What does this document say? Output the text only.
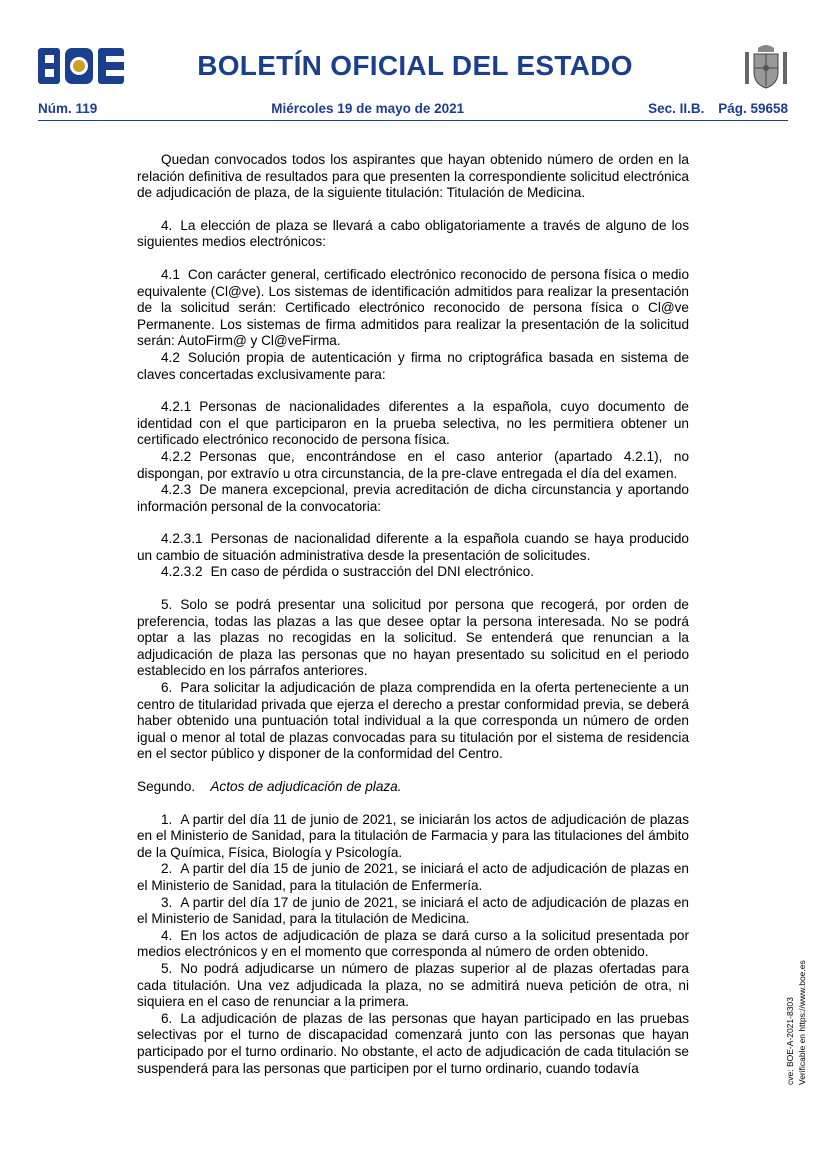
BOLETÍN OFICIAL DEL ESTADO
Núm. 119	Miércoles 19 de mayo de 2021	Sec. II.B. Pág. 59658

Quedan convocados todos los aspirantes que hayan obtenido número de orden en la relación definitiva de resultados para que presenten la correspondiente solicitud electrónica de adjudicación de plaza, de la siguiente titulación: Titulación de Medicina.

4. La elección de plaza se llevará a cabo obligatoriamente a través de alguno de los siguientes medios electrónicos:

4.1 Con carácter general, certificado electrónico reconocido de persona física o medio equivalente (Cl@ve). Los sistemas de identificación admitidos para realizar la presentación de la solicitud serán: Certificado electrónico reconocido de persona física o Cl@ve Permanente. Los sistemas de firma admitidos para realizar la presentación de la solicitud serán: AutoFirm@ y Cl@veFirma.

4.2 Solución propia de autenticación y firma no criptográfica basada en sistema de claves concertadas exclusivamente para:

4.2.1 Personas de nacionalidades diferentes a la española, cuyo documento de identidad con el que participaron en la prueba selectiva, no les permitiera obtener un certificado electrónico reconocido de persona física.

4.2.2 Personas que, encontrándose en el caso anterior (apartado 4.2.1), no dispongan, por extravío u otra circunstancia, de la pre-clave entregada el día del examen.

4.2.3 De manera excepcional, previa acreditación de dicha circunstancia y aportando información personal de la convocatoria:

4.2.3.1 Personas de nacionalidad diferente a la española cuando se haya producido un cambio de situación administrativa desde la presentación de solicitudes.

4.2.3.2 En caso de pérdida o sustracción del DNI electrónico.

5. Solo se podrá presentar una solicitud por persona que recogerá, por orden de preferencia, todas las plazas a las que desee optar la persona interesada. No se podrá optar a las plazas no recogidas en la solicitud. Se entenderá que renuncian a la adjudicación de plaza las personas que no hayan presentado su solicitud en el periodo establecido en los párrafos anteriores.

6. Para solicitar la adjudicación de plaza comprendida en la oferta perteneciente a un centro de titularidad privada que ejerza el derecho a prestar conformidad previa, se deberá haber obtenido una puntuación total individual a la que corresponda un número de orden igual o menor al total de plazas convocadas para su titulación por el sistema de residencia en el sector público y disponer de la conformidad del Centro.

Segundo. Actos de adjudicación de plaza.

1. A partir del día 11 de junio de 2021, se iniciarán los actos de adjudicación de plazas en el Ministerio de Sanidad, para la titulación de Farmacia y para las titulaciones del ámbito de la Química, Física, Biología y Psicología.

2. A partir del día 15 de junio de 2021, se iniciará el acto de adjudicación de plazas en el Ministerio de Sanidad, para la titulación de Enfermería.

3. A partir del día 17 de junio de 2021, se iniciará el acto de adjudicación de plazas en el Ministerio de Sanidad, para la titulación de Medicina.

4. En los actos de adjudicación de plaza se dará curso a la solicitud presentada por medios electrónicos y en el momento que corresponda al número de orden obtenido.

5. No podrá adjudicarse un número de plazas superior al de plazas ofertadas para cada titulación. Una vez adjudicada la plaza, no se admitirá nueva petición de otra, ni siquiera en el caso de renunciar a la primera.

6. La adjudicación de plazas de las personas que hayan participado en las pruebas selectivas por el turno de discapacidad comenzará junto con las personas que hayan participado por el turno ordinario. No obstante, el acto de adjudicación de cada titulación se suspenderá para las personas que participen por el turno ordinario, cuando todavía	cve: BOE-A-2021-8303 Verificable en https://www.boe.es
